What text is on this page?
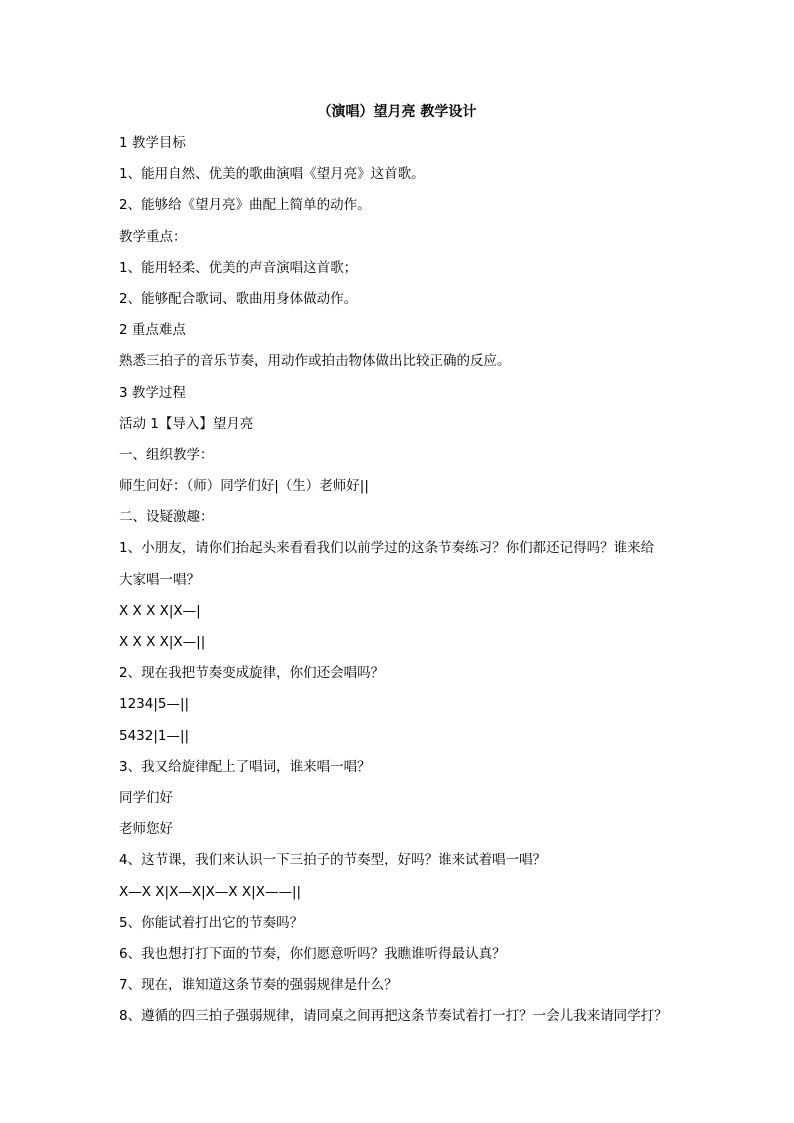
（演唱）望月亮 教学设计
1 教学目标
1、能用自然、优美的歌曲演唱《望月亮》这首歌。
2、能够给《望月亮》曲配上简单的动作。
教学重点：
1、能用轻柔、优美的声音演唱这首歌；
2、能够配合歌词、歌曲用身体做动作。
2 重点难点
熟悉三拍子的音乐节奏，用动作或拍击物体做出比较正确的反应。
3 教学过程
活动 1【导入】望月亮
一、组织教学：
师生问好：（师）同学们好|（生）老师好||
二、设疑激趣：
1、小朋友，请你们抬起头来看看我们以前学过的这条节奏练习？你们都还记得吗？谁来给
大家唱一唱？
X X X X|X—|
X X X X|X—||
2、现在我把节奏变成旋律，你们还会唱吗？
1234|5—||
5432|1—||
3、我又给旋律配上了唱词，谁来唱一唱？
同学们好
老师您好
4、这节课，我们来认识一下三拍子的节奏型，好吗？谁来试着唱一唱？
X—X X|X—X|X—X X|X——||
5、你能试着打出它的节奏吗？
6、我也想打打下面的节奏，你们愿意听吗？我瞧谁听得最认真？
7、现在，谁知道这条节奏的强弱规律是什么？
8、遵循的四三拍子强弱规律，请同桌之间再把这条节奏试着打一打？一会儿我来请同学打？
